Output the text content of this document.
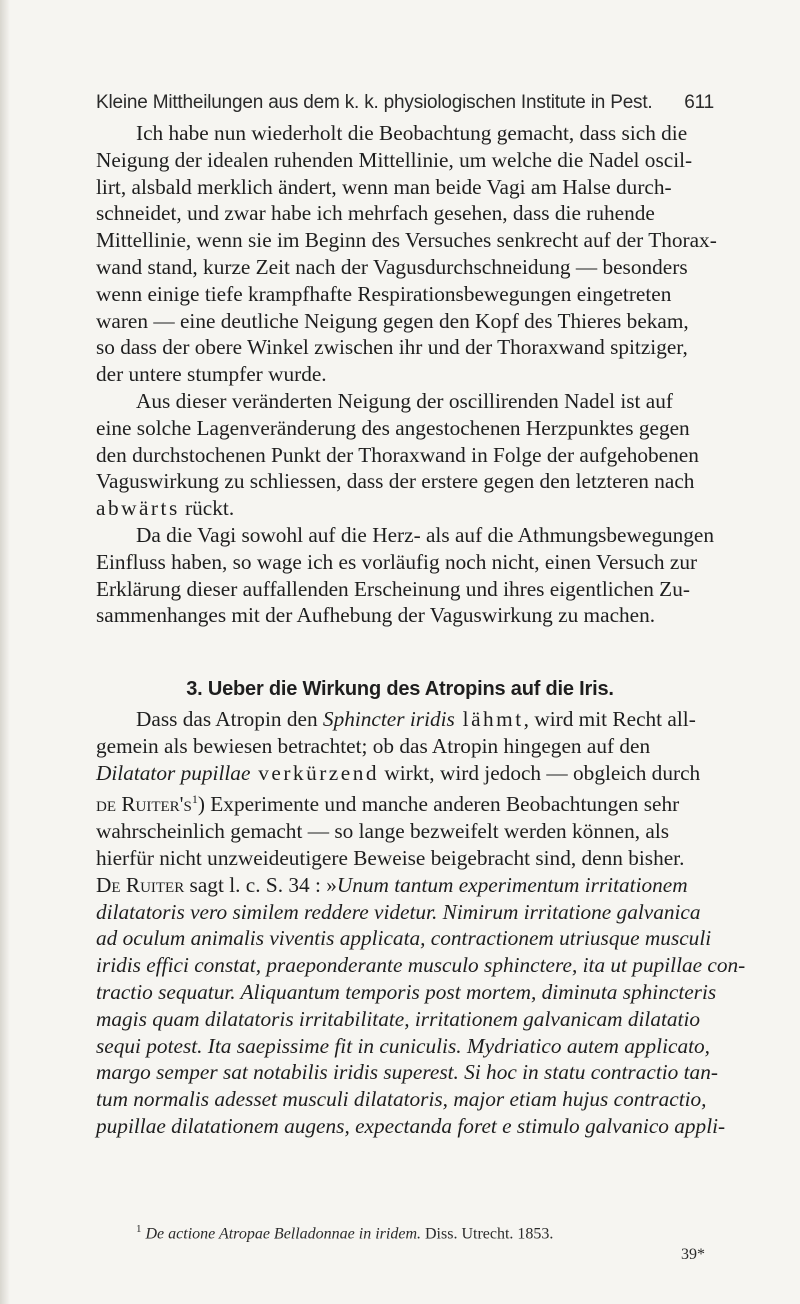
Kleine Mittheilungen aus dem k. k. physiologischen Institute in Pest. 611
Ich habe nun wiederholt die Beobachtung gemacht, dass sich die
Neigung der idealen ruhenden Mittellinie, um welche die Nadel oscil-
lirt, alsbald merklich ändert, wenn man beide Vagi am Halse durch-
schneidet, und zwar habe ich mehrfach gesehen, dass die ruhende
Mittellinie, wenn sie im Beginn des Versuches senkrecht auf der Thorax-
wand stand, kurze Zeit nach der Vagusdurchschneidung — besonders
wenn einige tiefe krampfhafte Respirationsbewegungen eingetreten
waren — eine deutliche Neigung gegen den Kopf des Thieres bekam,
so dass der obere Winkel zwischen ihr und der Thoraxwand spitziger,
der untere stumpfer wurde.
Aus dieser veränderten Neigung der oscillirenden Nadel ist auf
eine solche Lagenveränderung des angestochenen Herzpunktes gegen
den durchstochenen Punkt der Thoraxwand in Folge der aufgehobenen
Vaguswirkung zu schliessen, dass der erstere gegen den letzteren nach
abwärts rückt.
Da die Vagi sowohl auf die Herz- als auf die Athmungsbewegungen
Einfluss haben, so wage ich es vorläufig noch nicht, einen Versuch zur
Erklärung dieser auffallenden Erscheinung und ihres eigentlichen Zu-
sammenhanges mit der Aufhebung der Vaguswirkung zu machen.
3. Ueber die Wirkung des Atropins auf die Iris.
Dass das Atropin den Sphincter iridis lähmt, wird mit Recht all-
gemein als bewiesen betrachtet; ob das Atropin hingegen auf den
Dilatator pupillae verkürzend wirkt, wird jedoch — obgleich durch
de $Ruiter's^1$) Experimente und manche anderen Beobachtungen sehr
wahrscheinlich gemacht — so lange bezweifelt werden können, als
hierfür nicht unzweideutigere Beweise beigebracht sind, denn bisher.
De Ruiter sagt l. c. S. 34 : »Unum tantum experimentum irritationem
dilatatoris vero similem reddere videtur. Nimirum irritatione galvanica
ad oculum animalis viventis applicata, contractionem utriusque musculi
iridis effici constat, praeponderante musculo sphinctere, ita ut pupillae con-
tractio sequatur. Aliquantum temporis post mortem, diminuta sphincteris
magis quam dilatatoris irritabilitate, irritationem galvanicam dilatatio
sequi potest. Ita saepissime fit in cuniculis. Mydriatico autem applicato,
margo semper sat notabilis iridis superest. Si hoc in statu contractio tan-
tum normalis adesset musculi dilatatoris, major etiam hujus contractio,
pupillae dilatationem augens, expectanda foret e stimulo galvanico appli-
$^1$ De actione Atropae Belladonnae in iridem. Diss. Utrecht. 1853.
39*
